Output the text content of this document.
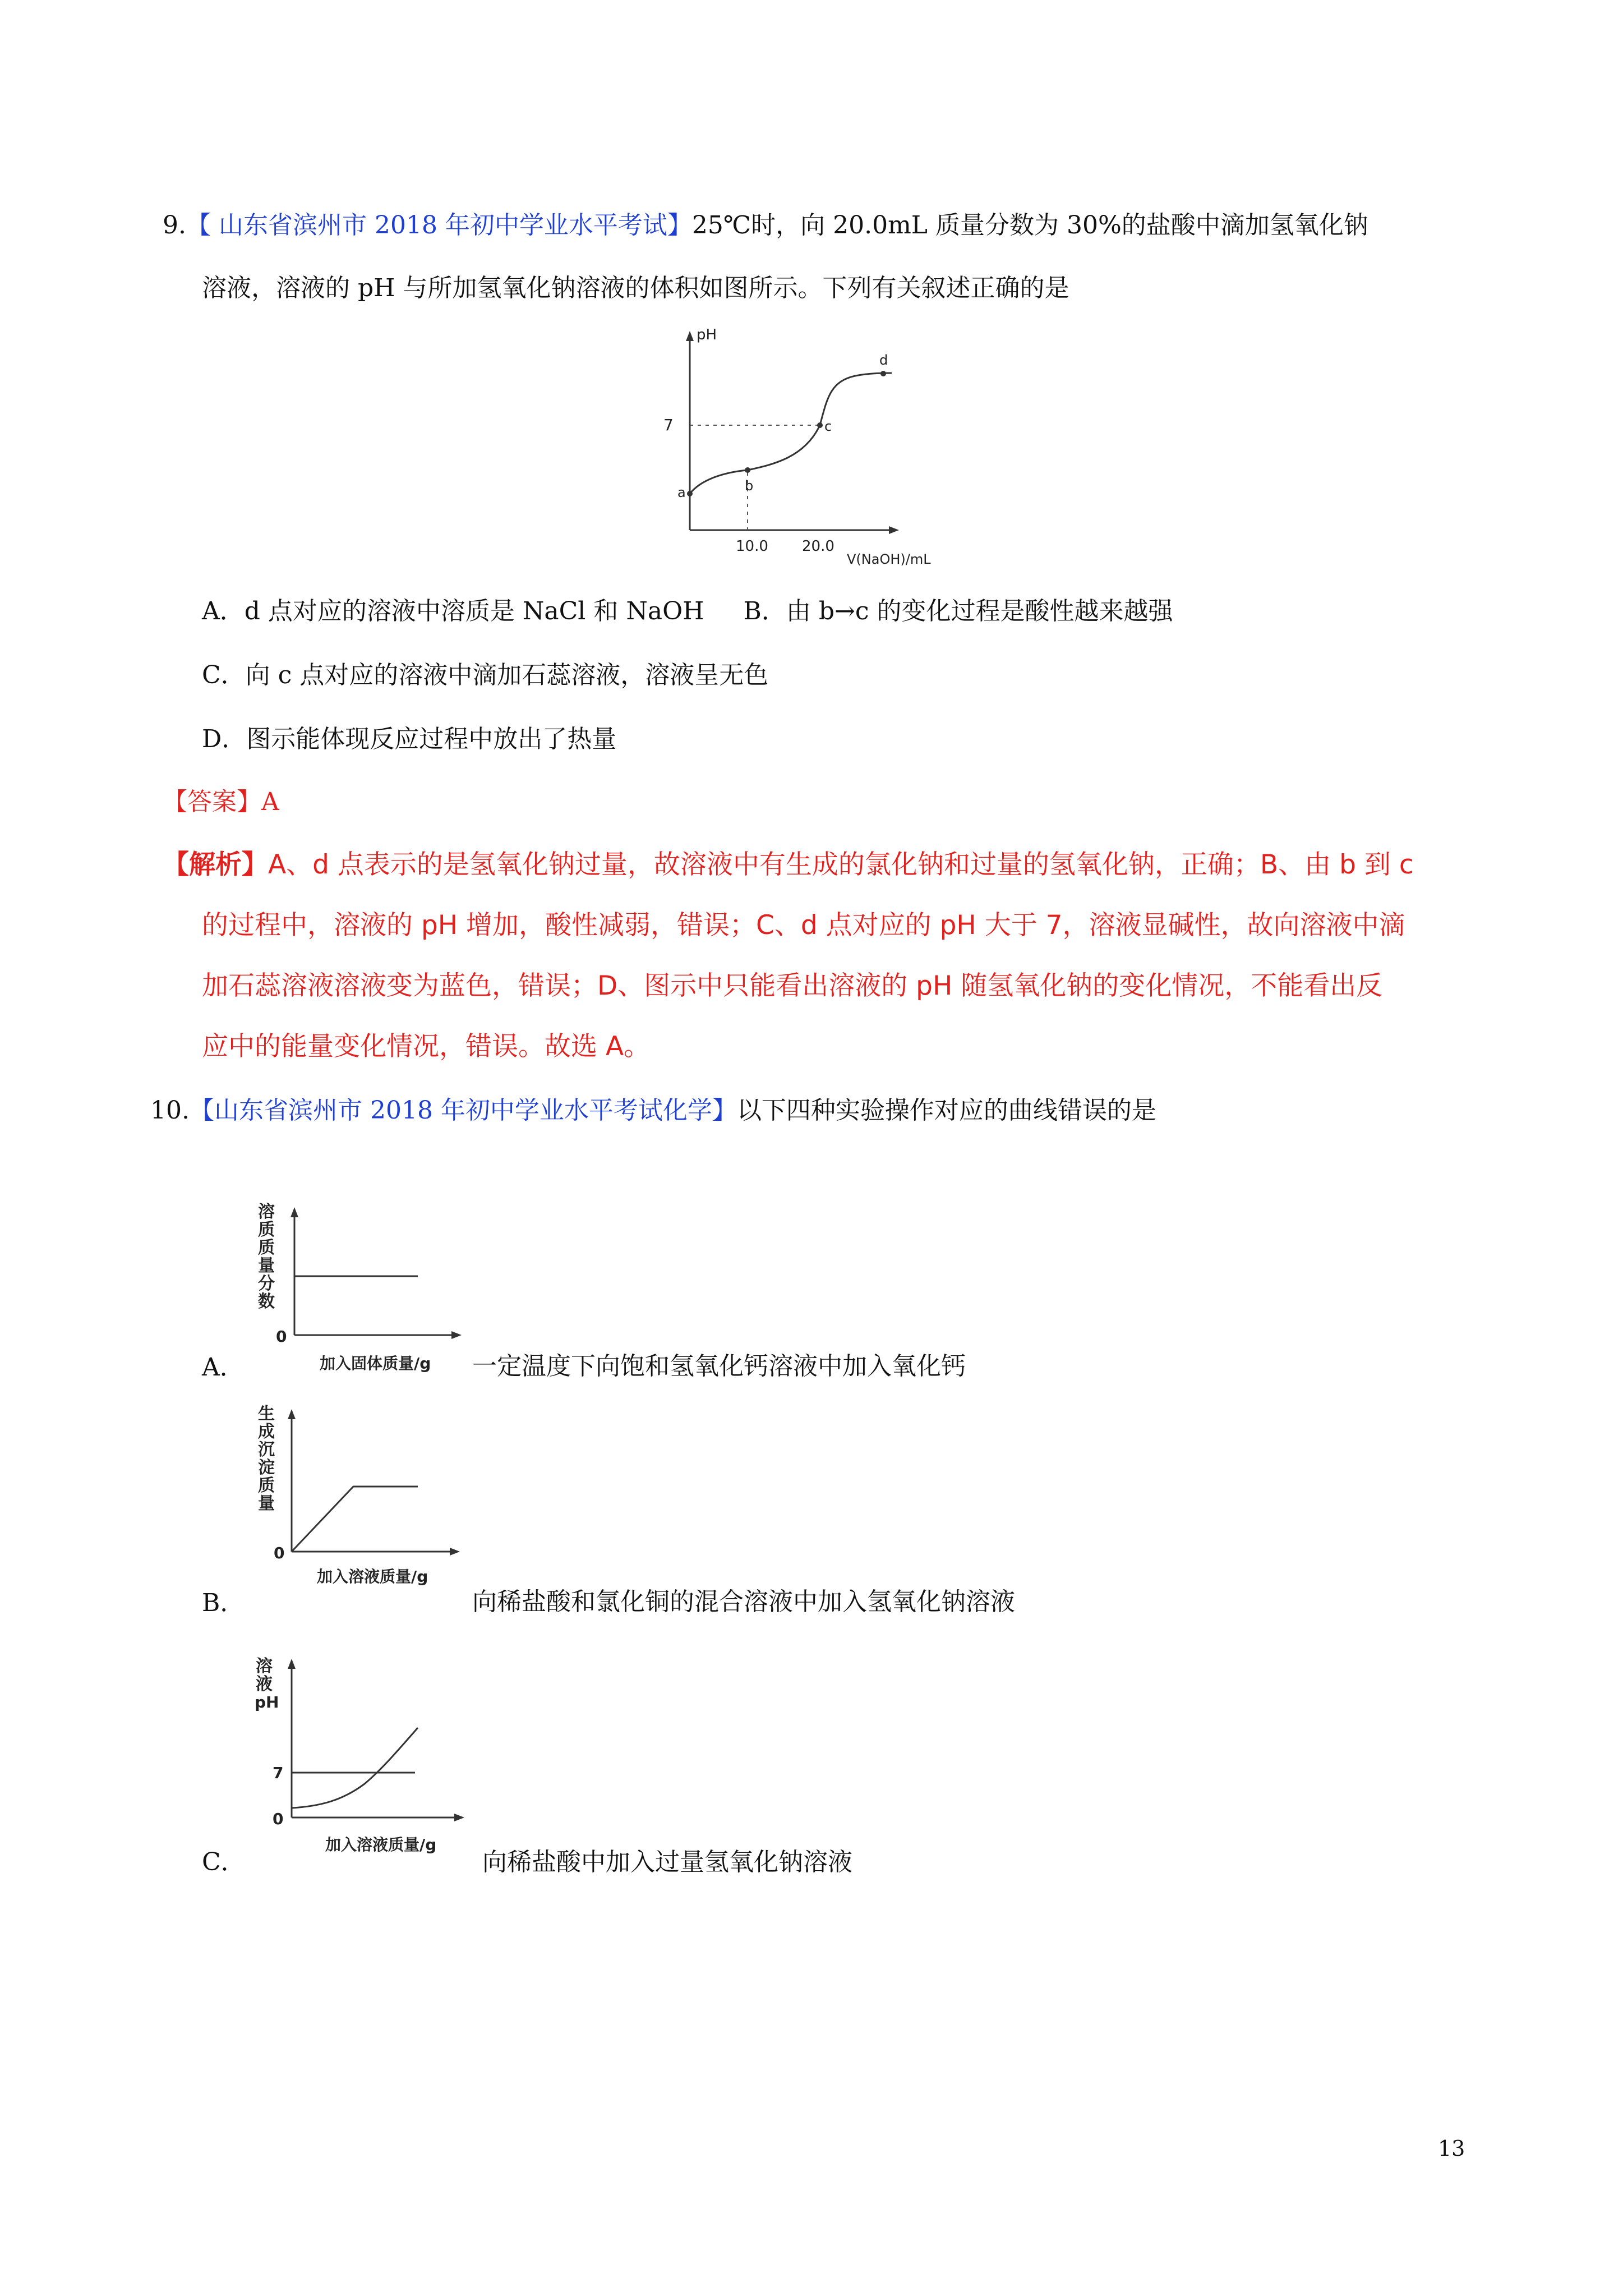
9.【 山东省滨州市 2018 年初中学业水平考试】25℃时，向 20.0mL 质量分数为 30%的盐酸中滴加氢氧化钠
溶液，溶液的 pH 与所加氢氧化钠溶液的体积如图所示。下列有关叙述正确的是
pH
7
10.0 20.0
V(NaOH)/mL
a	b
c
d
A．d 点对应的溶液中溶质是 NaCl 和 NaOH B．由 b→c 的变化过程是酸性越来越强
C．向 c 点对应的溶液中滴加石蕊溶液，溶液呈无色
D．图示能体现反应过程中放出了热量
【答案】A
【解析】A、d 点表示的是氢氧化钠过量，故溶液中有生成的氯化钠和过量的氢氧化钠，正确；B、由 b 到 c
的过程中，溶液的 pH 增加，酸性减弱，错误；C、d 点对应的 pH 大于 7，溶液显碱性，故向溶液中滴
加石蕊溶液溶液变为蓝色，错误；D、图示中只能看出溶液的 pH 随氢氧化钠的变化情况，不能看出反
应中的能量变化情况，错误。故选 A。
10.【山东省滨州市 2018 年初中学业水平考试化学】以下四种实验操作对应的曲线错误的是
溶
质
质
量
分
数
0
加入固体质量/g
A．	一定温度下向饱和氢氧化钙溶液中加入氧化钙
生
成
沉
淀
质
量
0
加入溶液质量/g
B．	向稀盐酸和氯化铜的混合溶液中加入氢氧化钠溶液
溶
液
pH
7
0
加入溶液质量/g
C．	向稀盐酸中加入过量氢氧化钠溶液
13
